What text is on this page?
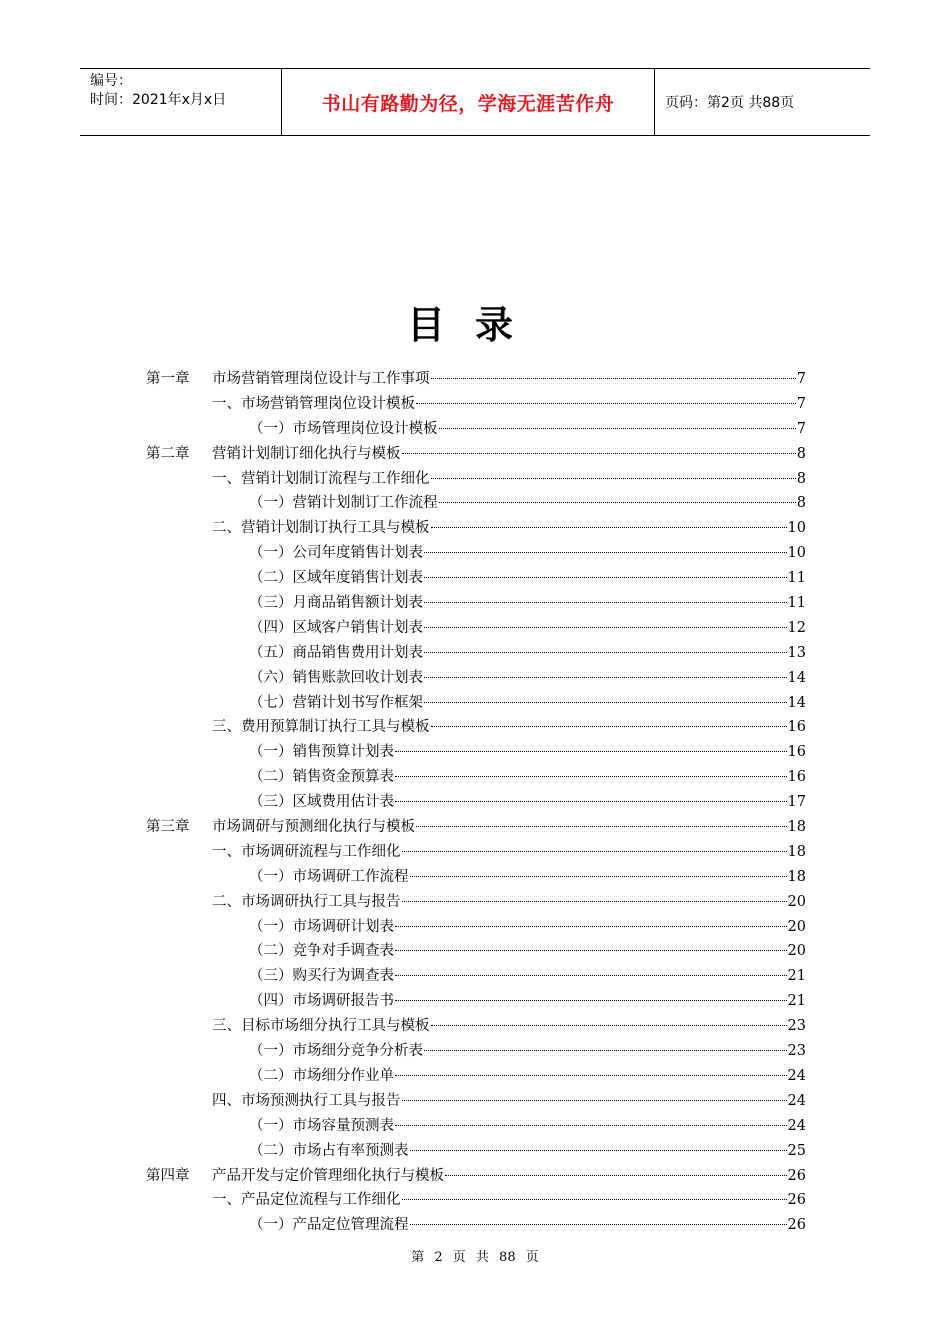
编号：
时间：2021年x月x日	书山有路勤为径，学海无涯苦作舟	页码：第2页 共88页
目录
第一章 市场营销管理岗位设计与工作事项	7
一、市场营销管理岗位设计模板	7
（一）市场管理岗位设计模板	7
第二章 营销计划制订细化执行与模板	8
一、营销计划制订流程与工作细化	8
（一）营销计划制订工作流程	8
二、营销计划制订执行工具与模板	10
（一）公司年度销售计划表	10
（二）区域年度销售计划表	11
（三）月商品销售额计划表	11
（四）区域客户销售计划表	12
（五）商品销售费用计划表	13
（六）销售账款回收计划表	14
（七）营销计划书写作框架	14
三、费用预算制订执行工具与模板	16
（一）销售预算计划表	16
（二）销售资金预算表	16
（三）区域费用估计表	17
第三章 市场调研与预测细化执行与模板	18
一、市场调研流程与工作细化	18
（一）市场调研工作流程	18
二、市场调研执行工具与报告	20
（一）市场调研计划表	20
（二）竞争对手调查表	20
（三）购买行为调查表	21
（四）市场调研报告书	21
三、目标市场细分执行工具与模板	23
（一）市场细分竞争分析表	23
（二）市场细分作业单	24
四、市场预测执行工具与报告	24
（一）市场容量预测表	24
（二）市场占有率预测表	25
第四章 产品开发与定价管理细化执行与模板	26
一、产品定位流程与工作细化	26
（一）产品定位管理流程	26
第 2 页 共 88 页
